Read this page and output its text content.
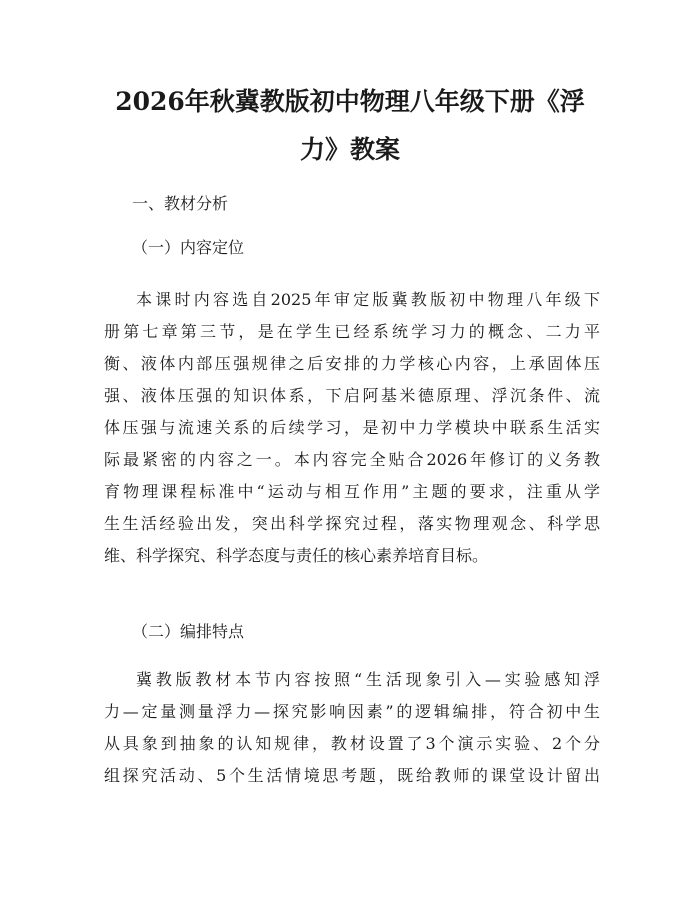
2026年秋冀教版初中物理八年级下册《浮
力》教案
一、教材分析
（一）内容定位
本课时内容选自2025年审定版冀教版初中物理八年级下
册第七章第三节，是在学生已经系统学习力的概念、二力平
衡、液体内部压强规律之后安排的力学核心内容，上承固体压
强、液体压强的知识体系，下启阿基米德原理、浮沉条件、流
体压强与流速关系的后续学习，是初中力学模块中联系生活实
际最紧密的内容之一。本内容完全贴合2026年修订的义务教
育物理课程标准中“运动与相互作用”主题的要求，注重从学
生生活经验出发，突出科学探究过程，落实物理观念、科学思
维、科学探究、科学态度与责任的核心素养培育目标。
（二）编排特点
冀教版教材本节内容按照“生活现象引入—实验感知浮
力—定量测量浮力—探究影响因素”的逻辑编排，符合初中生
从具象到抽象的认知规律，教材设置了3个演示实验、2个分
组探究活动、5个生活情境思考题，既给教师的课堂设计留出
